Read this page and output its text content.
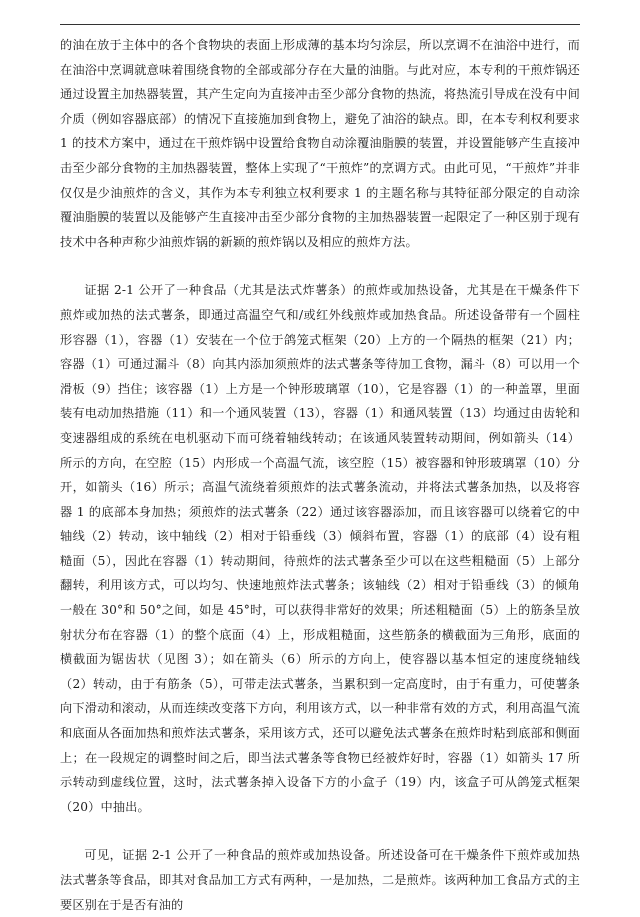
的油在放于主体中的各个食物块的表面上形成薄的基本均匀涂层，所以烹调不在油浴中进行，而在油浴中烹调就意味着围绕食物的全部或部分存在大量的油脂。与此对应，本专利的干煎炸锅还通过设置主加热器装置，其产生定向为直接冲击至少部分食物的热流，将热流引导成在没有中间介质（例如容器底部）的情况下直接施加到食物上，避免了油浴的缺点。即，在本专利权利要求 1 的技术方案中，通过在干煎炸锅中设置给食物自动涂覆油脂膜的装置，并设置能够产生直接冲击至少部分食物的主加热器装置，整体上实现了“干煎炸”的烹调方式。由此可见，“干煎炸”并非仅仅是少油煎炸的含义，其作为本专利独立权利要求 1 的主题名称与其特征部分限定的自动涂覆油脂膜的装置以及能够产生直接冲击至少部分食物的主加热器装置一起限定了一种区别于现有技术中各种声称少油煎炸锅的新颖的煎炸锅以及相应的煎炸方法。

证据 2-1 公开了一种食品（尤其是法式炸薯条）的煎炸或加热设备，尤其是在干燥条件下煎炸或加热的法式薯条，即通过高温空气和/或红外线煎炸或加热食品。所述设备带有一个圆柱形容器（1），容器（1）安装在一个位于鸽笼式框架（20）上方的一个隔热的框架（21）内；容器（1）可通过漏斗（8）向其内添加须煎炸的法式薯条等待加工食物，漏斗（8）可以用一个滑板（9）挡住；该容器（1）上方是一个钟形玻璃罩（10），它是容器（1）的一种盖罩，里面装有电动加热措施（11）和一个通风装置（13），容器（1）和通风装置（13）均通过由齿轮和变速器组成的系统在电机驱动下而可绕着轴线转动；在该通风装置转动期间，例如箭头（14）所示的方向，在空腔（15）内形成一个高温气流，该空腔（15）被容器和钟形玻璃罩（10）分开，如箭头（16）所示；高温气流绕着须煎炸的法式薯条流动，并将法式薯条加热，以及将容器 1 的底部本身加热；须煎炸的法式薯条（22）通过该容器添加，而且该容器可以绕着它的中轴线（2）转动，该中轴线（2）相对于铅垂线（3）倾斜布置，容器（1）的底部（4）设有粗糙面（5），因此在容器（1）转动期间，待煎炸的法式薯条至少可以在这些粗糙面（5）上部分翻转，利用该方式，可以均匀、快速地煎炸法式薯条；该轴线（2）相对于铅垂线（3）的倾角一般在 30°和 50°之间，如是 45°时，可以获得非常好的效果；所述粗糙面（5）上的筋条呈放射状分布在容器（1）的整个底面（4）上，形成粗糙面，这些筋条的横截面为三角形，底面的横截面为锯齿状（见图 3）；如在箭头（6）所示的方向上，使容器以基本恒定的速度绕轴线（2）转动，由于有筋条（5），可带走法式薯条，当累积到一定高度时，由于有重力，可使薯条向下滑动和滚动，从而连续改变落下方向，利用该方式，以一种非常有效的方式，利用高温气流和底面从各面加热和煎炸法式薯条，采用该方式，还可以避免法式薯条在煎炸时粘到底部和侧面上；在一段规定的调整时间之后，即当法式薯条等食物已经被炸好时，容器（1）如箭头 17 所示转动到虚线位置，这时，法式薯条掉入设备下方的小盒子（19）内，该盒子可从鸽笼式框架（20）中抽出。

可见，证据 2-1 公开了一种食品的煎炸或加热设备。所述设备可在干燥条件下煎炸或加热法式薯条等食品，即其对食品加工方式有两种，一是加热，二是煎炸。该两种加工食品方式的主要区别在于是否有油的
